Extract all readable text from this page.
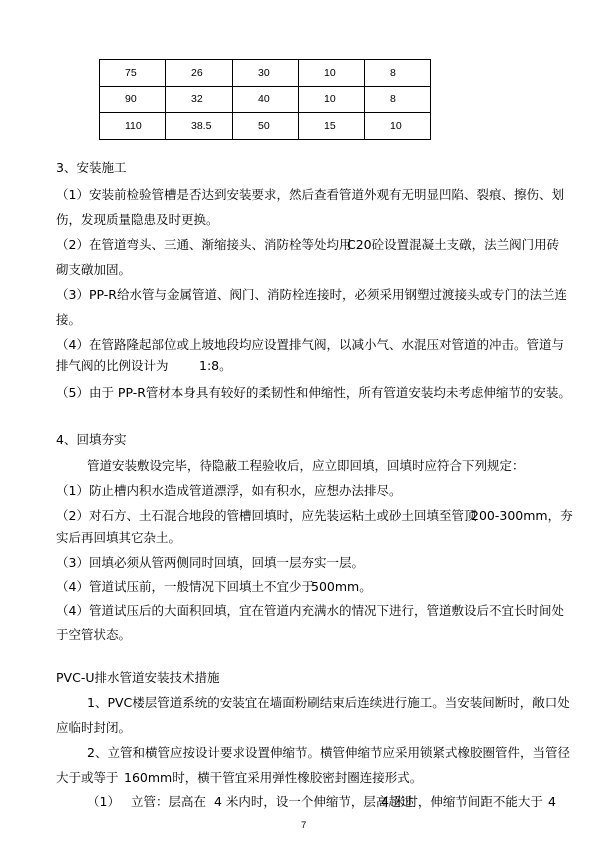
75	26	30	10	8
90	32	40	10	8
110	38.5	50	15	10
3、安装施工
（1）安装前检验管槽是否达到安装要求，然后查看管道外观有无明显凹陷、裂痕、擦伤、划
伤，发现质量隐患及时更换。
（2）在管道弯头、三通、渐缩接头、消防栓等处均用
C20砼设置混凝土支礅，法兰阀门用砖
砌支礅加固。
（3）PP-R给水管与金属管道、阀门、消防栓连接时，必须采用钢塑过渡接头或专门的法兰连
接。
（4）在管路隆起部位或上坡地段均应设置排气阀，以减小气、水混压对管道的冲击。管道与
排气阀的比例设计为 1:8。
（5）由于 PP-R管材本身具有较好的柔韧性和伸缩性，所有管道安装均未考虑伸缩节的安装。
4、回填夯实
管道安装敷设完毕，待隐蔽工程验收后，应立即回填，回填时应符合下列规定：
（1）防止槽内积水造成管道漂浮，如有积水，应想办法排尽。
（2）对石方、土石混合地段的管槽回填时，应先装运粘土或砂土回填至管顶
200-300mm，夯
实后再回填其它杂土。
（3）回填必须从管两侧同时回填，回填一层夯实一层。
（4）管道试压前，一般情况下回填土不宜少于
500mm。
（4）管道试压后的大面积回填，宜在管道内充满水的情况下进行，管道敷设后不宜长时间处
于空管状态。
PVC-U排水管道安装技术措施
1、PVC楼层管道系统的安装宜在墙面粉刷结束后连续进行施工。当安装间断时，敞口处
应临时封闭。
2、立管和横管应按设计要求设置伸缩节。横管伸缩节应采用锁紧式橡胶圈管件，当管径
大于或等于 160mm时，横干管宜采用弹性橡胶密封圈连接形式。
（1） 立管：层高在 4 米内时，设一个伸缩节，层高超过
4 米时，伸缩节间距不能大于 4
7
